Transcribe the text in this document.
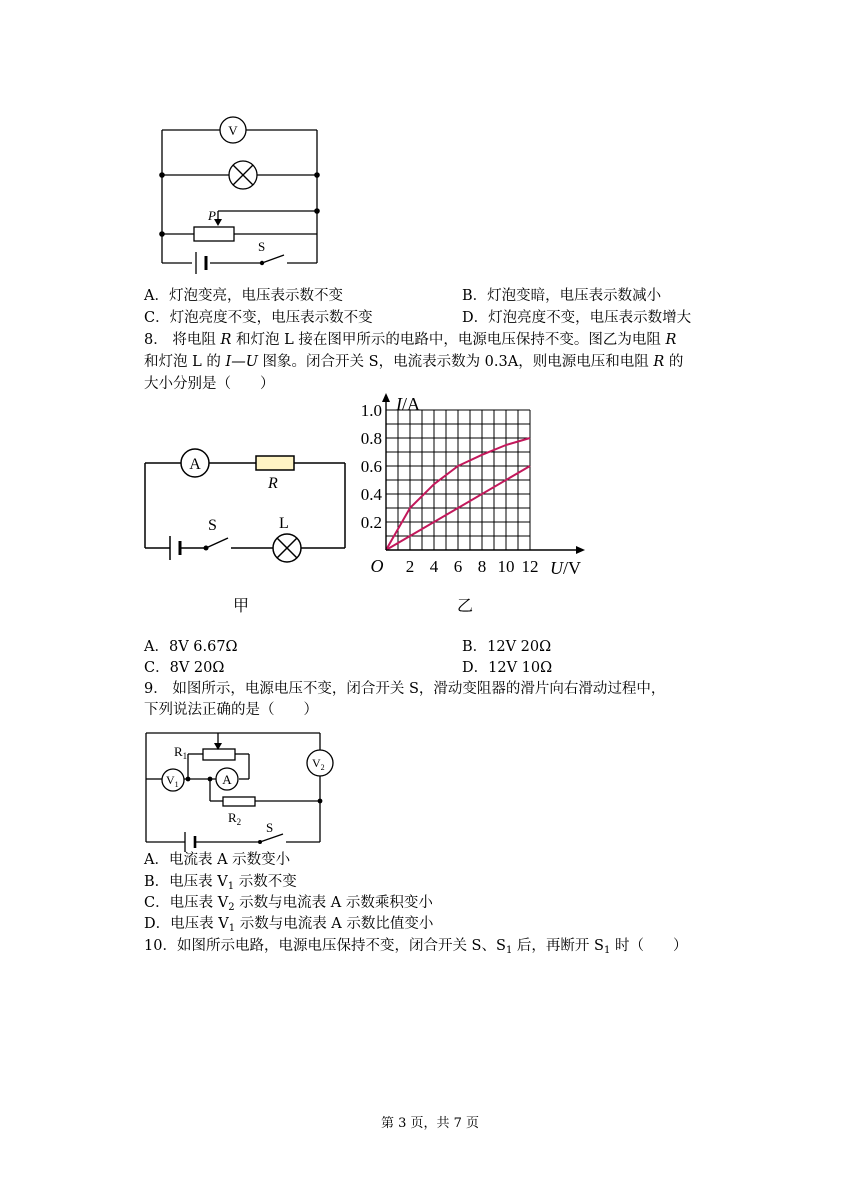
V
P
S
A．灯泡变亮，电压表示数不变	B．灯泡变暗，电压表示数减小
C．灯泡亮度不变，电压表示数不变	D．灯泡亮度不变，电压表示数增大
8． 将电阻 R 和灯泡 L 接在图甲所示的电路中，电源电压保持不变。图乙为电阻 R
和灯泡 L 的 I—U 图象。闭合开关 S，电流表示数为 0.3A，则电源电压和电阻 R 的
大小分别是（　　）
A
R
S	L
甲
2 4 6 8 10 12
0.2
0.4
0.6
0.8
1.0
O
I/A
U/V
乙
A．8V 6.67Ω	B．12V 20Ω
C．8V 20Ω	D．12V 10Ω
9． 如图所示，电源电压不变，闭合开关 S，滑动变阻器的滑片向右滑动过程中，
下列说法正确的是（　　）
$R_1$
$V_1$	A
$V_2$
$R_2$ S
A．电流表 A 示数变小
B．电压表 $V_1$ 示数不变
C．电压表 $V_2$ 示数与电流表 A 示数乘积变小
D．电压表 $V_1$ 示数与电流表 A 示数比值变小
10．如图所示电路，电源电压保持不变，闭合开关 S、$S_1$ 后，再断开 $S_1$ 时（　　）
第 3 页，共 7 页
